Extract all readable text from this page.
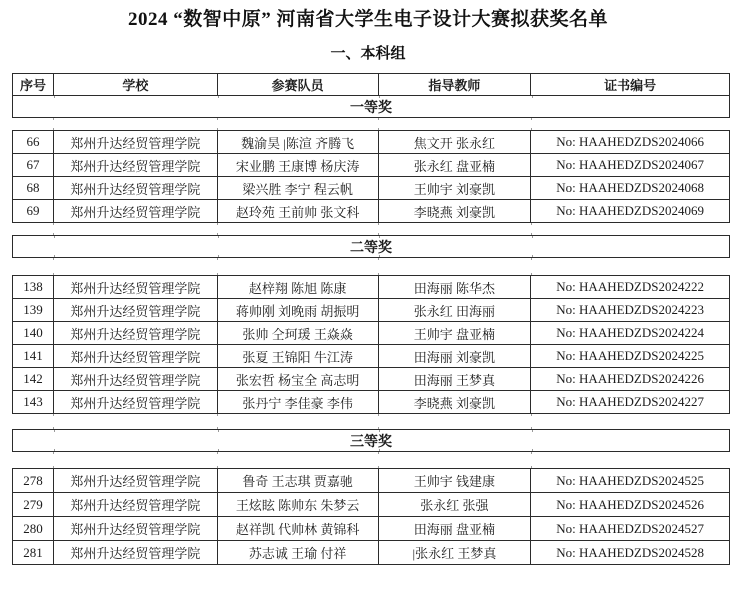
2024 “数智中原” 河南省大学生电子设计大赛拟获奖名单
一、本科组
序号	学校	参赛队员	指导教师	证书编号

一等奖
66	郑州升达经贸管理学院	魏渝昊 |陈渲 齐腾飞	焦文开 张永红	No: HAAHEDZDS2024066
67	郑州升达经贸管理学院	宋业鹏 王康博 杨庆涛	张永红 盘亚楠	No: HAAHEDZDS2024067
68	郑州升达经贸管理学院	梁兴胜 李宁 程云帆	王帅宇 刘豪凯	No: HAAHEDZDS2024068
69	郑州升达经贸管理学院	赵玲苑 王前帅 张文科	李晓燕 刘豪凯	No: HAAHEDZDS2024069
二等奖
138	郑州升达经贸管理学院	赵梓翔 陈旭 陈康	田海丽 陈华杰	No: HAAHEDZDS2024222
139	郑州升达经贸管理学院	蒋帅刚 刘晚雨 胡振明	张永红 田海丽	No: HAAHEDZDS2024223
140	郑州升达经贸管理学院	张帅 仝珂瑗 王焱焱	王帅宇 盘亚楠	No: HAAHEDZDS2024224
141	郑州升达经贸管理学院	张夏 王锦阳 牛江涛	田海丽 刘豪凯	No: HAAHEDZDS2024225
142	郑州升达经贸管理学院	张宏哲 杨宝全 高志明	田海丽 王梦真	No: HAAHEDZDS2024226
143	郑州升达经贸管理学院	张丹宁 李佳豪 李伟	李晓燕 刘豪凯	No: HAAHEDZDS2024227
三等奖
278	郑州升达经贸管理学院	鲁奇 王志琪 贾嘉驰	王帅宇 钱建康	No: HAAHEDZDS2024525
279	郑州升达经贸管理学院	王炫眩 陈帅东 朱梦云	张永红 张强	No: HAAHEDZDS2024526
280	郑州升达经贸管理学院	赵祥凯 代帅林 黄锦科	田海丽 盘亚楠	No: HAAHEDZDS2024527
281	郑州升达经贸管理学院	苏志诚 王瑜 付祥	|张永红 王梦真	No: HAAHEDZDS2024528
